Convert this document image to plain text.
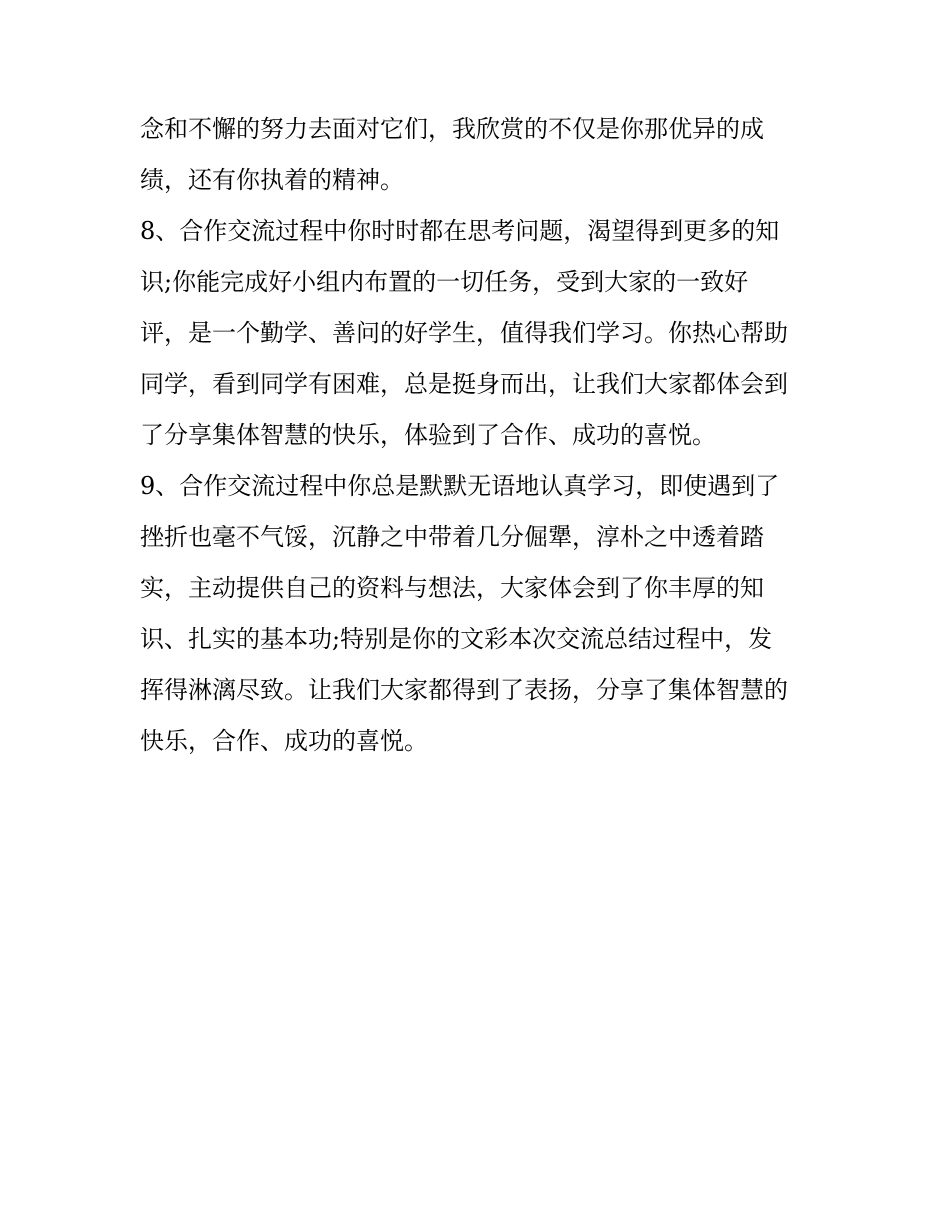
念和不懈的努力去面对它们，我欣赏的不仅是你那优异的成
绩，还有你执着的精神。
8、合作交流过程中你时时都在思考问题，渴望得到更多的知
识;你能完成好小组内布置的一切任务，受到大家的一致好
评，是一个勤学、善问的好学生，值得我们学习。你热心帮助
同学，看到同学有困难，总是挺身而出，让我们大家都体会到
了分享集体智慧的快乐，体验到了合作、成功的喜悦。
9、合作交流过程中你总是默默无语地认真学习，即使遇到了
挫折也毫不气馁，沉静之中带着几分倔犟，淳朴之中透着踏
实，主动提供自己的资料与想法，大家体会到了你丰厚的知
识、扎实的基本功;特别是你的文彩本次交流总结过程中，发
挥得淋漓尽致。让我们大家都得到了表扬，分享了集体智慧的
快乐，合作、成功的喜悦。
